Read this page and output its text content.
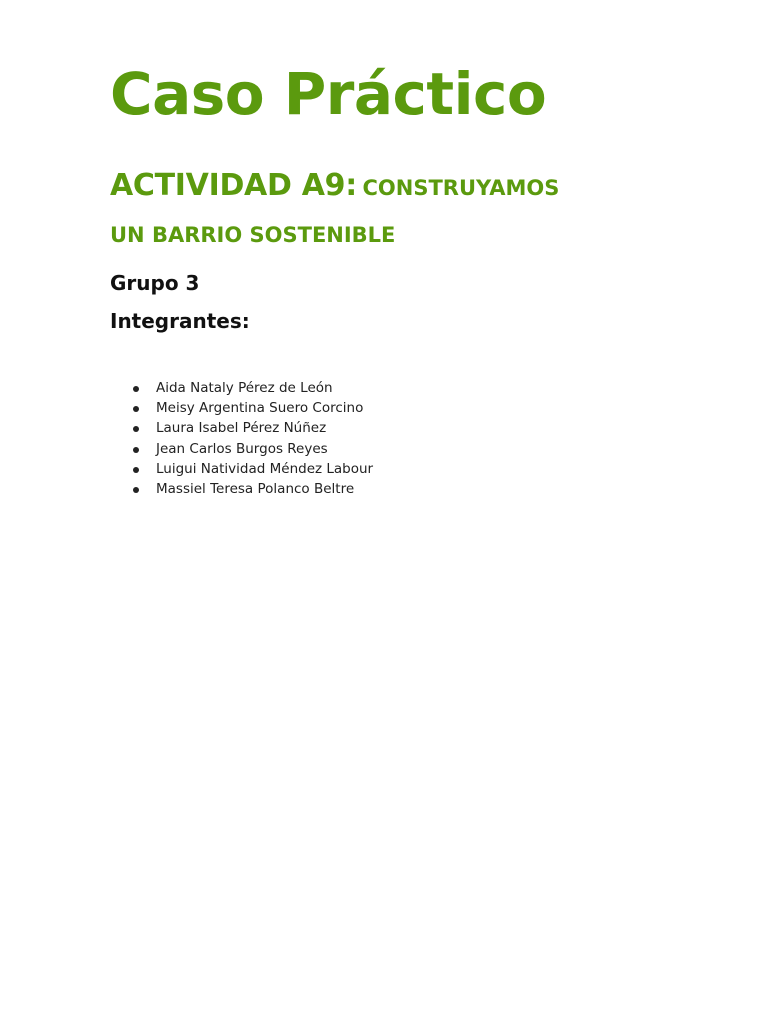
Caso Práctico
ACTIVIDAD A9: CONSTRUYAMOS
UN BARRIO SOSTENIBLE
Grupo 3
Integrantes:
Aida Nataly Pérez de León
Meisy Argentina Suero Corcino
Laura Isabel Pérez Núñez
Jean Carlos Burgos Reyes
Luigui Natividad Méndez Labour
Massiel Teresa Polanco Beltre
